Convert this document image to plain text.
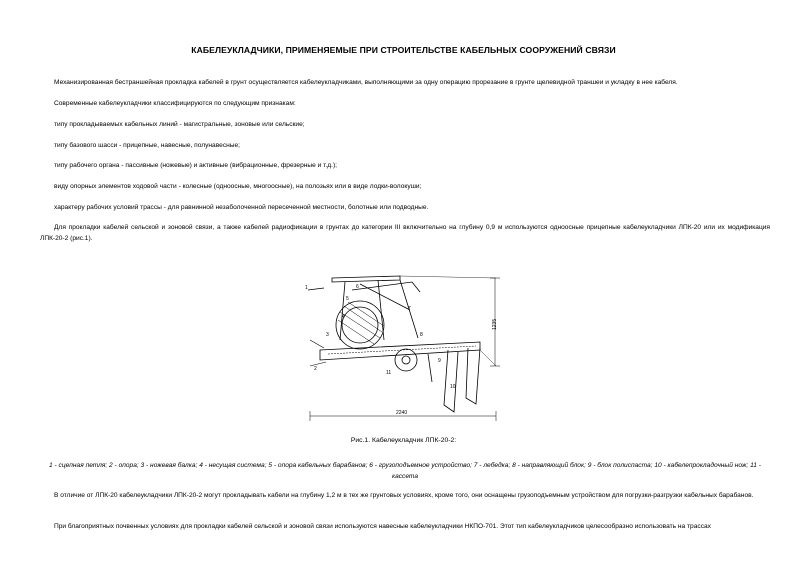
КАБЕЛЕУКЛАДЧИКИ, ПРИМЕНЯЕМЫЕ ПРИ СТРОИТЕЛЬСТВЕ КАБЕЛЬНЫХ СООРУЖЕНИЙ СВЯЗИ
Механизированная бестраншейная прокладка кабелей в грунт осуществляется кабелеукладчиками, выполняющими за одну операцию прорезание в грунте щелевидной траншеи и укладку в нее кабеля.
Современные кабелеукладчики классифицируются по следующим признакам:
типу прокладываемых кабельных линий - магистральные, зоновые или сельские;
типу базового шасси - прицепные, навесные, полунавесные;
типу рабочего органа - пассивные (ножевые) и активные (вибрационные, фрезерные и т.д.);
виду опорных элементов ходовой части - колесные (одноосные, многоосные), на полозьях или в виде лодки-волокуши;
характеру рабочих условий трассы - для равнинной незаболоченной пересеченной местности, болотные или подводные.
Для прокладки кабелей сельской и зоновой связи, а также кабелей радиофикации в грунтах до категории III включительно на глубину 0,9 м используются одноосные прицепные кабелеукладчики ЛПК-20 или их модификация ЛПК-20-2 (рис.1).
1235
2240
1
2
3
4
5
6
7
8
9
10
11
Рис.1. Кабелеукладчик ЛПК-20-2:
1 - сцепная петля; 2 - опора; 3 - ножевая балка; 4 - несущая система; 5 - опора кабельных барабанов; 6 - грузоподъемное устройство; 7 - лебедка; 8 - направляющий блок; 9 - блок полиспаста; 10 - кабелепрокладочный нож; 11 - кассета
В отличие от ЛПК-20 кабелеукладчики ЛПК-20-2 могут прокладывать кабели на глубину 1,2 м в тех же грунтовых условиях, кроме того, они оснащены грузоподъемным устройством для погрузки-разгрузки кабельных барабанов.
При благоприятных почвенных условиях для прокладки кабелей сельской и зоновой связи используются навесные кабелеукладчики НКПО-701. Этот тип кабелеукладчиков целесообразно использовать на трассах
